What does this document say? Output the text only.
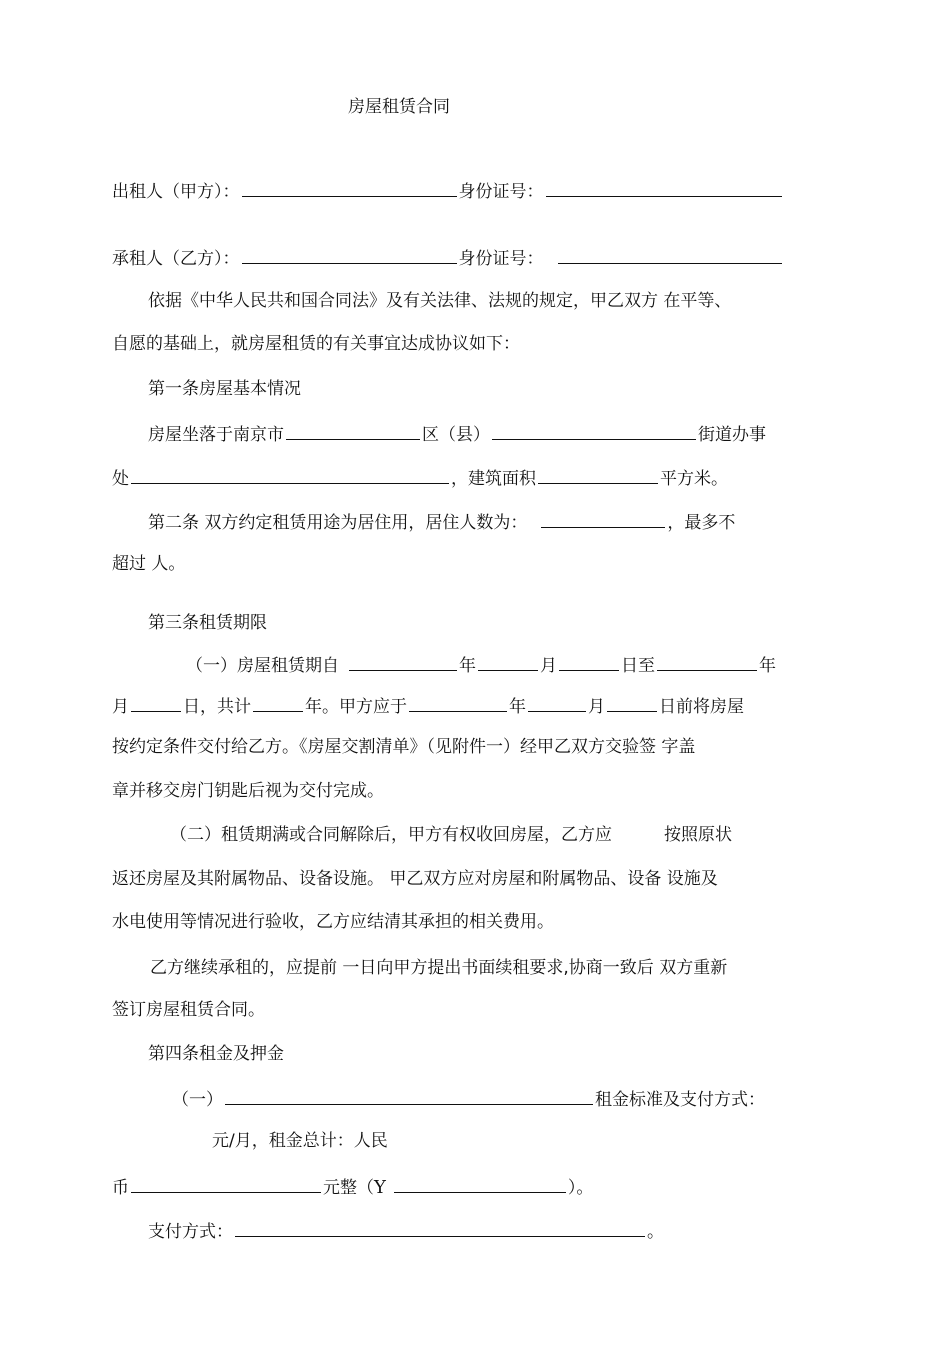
房屋租赁合同
出租人（甲方）：	身份证号：
承租人（乙方）：	身份证号：
依据《中华人民共和国合同法》及有关法律、法规的规定，甲乙双方 在平等、
自愿的基础上，就房屋租赁的有关事宜达成协议如下：
第一条房屋基本情况
房屋坐落于南京市	区（县）	街道办事
处	，建筑面积	平方米。
第二条 双方约定租赁用途为居住用，居住人数为：	，最多不
超过 人。
第三条租赁期限
（一）房屋租赁期自	年	月	日至	年
月	日，共计	年。甲方应于	年	月	日前将房屋
按约定条件交付给乙方。《房屋交割清单》（见附件一）经甲乙双方交验签 字盖
章并移交房门钥匙后视为交付完成。
（二）租赁期满或合同解除后，甲方有权收回房屋，乙方应	按照原状
返还房屋及其附属物品、设备设施。 甲乙双方应对房屋和附属物品、设备 设施及
水电使用等情况进行验收，乙方应结清其承担的相关费用。
乙方继续承租的，应提前 一日向甲方提出书面续租要求,协商一致后 双方重新
签订房屋租赁合同。
第四条租金及押金
（一）	租金标准及支付方式：
元/月，租金总计：人民
币	元整（Y	）。
支付方式：	。
